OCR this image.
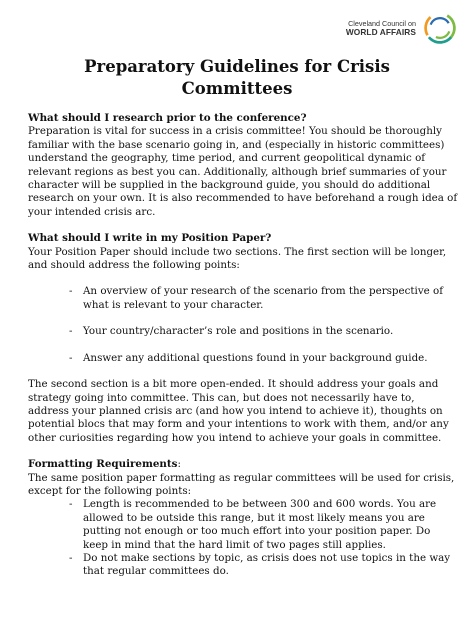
Cleveland Council on
WORLD AFFAIRS
Preparatory Guidelines for Crisis Committees

What should I research prior to the conference?

Preparation is vital for success in a crisis committee! You should be thoroughly familiar with the base scenario going in, and (especially in historic committees) understand the geography, time period, and current geopolitical dynamic of relevant regions as best you can. Additionally, although brief summaries of your character will be supplied in the background guide, you should do additional research on your own. It is also recommended to have beforehand a rough idea of your intended crisis arc.

What should I write in my Position Paper?

Your Position Paper should include two sections. The first section will be longer, and should address the following points:

- An overview of your research of the scenario from the perspective of what is relevant to your character.
- Your country/character’s role and positions in the scenario.
- Answer any additional questions found in your background guide.

The second section is a bit more open-ended. It should address your goals and strategy going into committee. This can, but does not necessarily have to, address your planned crisis arc (and how you intend to achieve it), thoughts on potential blocs that may form and your intentions to work with them, and/or any other curiosities regarding how you intend to achieve your goals in committee.

Formatting Requirements:

The same position paper formatting as regular committees will be used for crisis, except for the following points:

- Length is recommended to be between 300 and 600 words. You are allowed to be outside this range, but it most likely means you are putting not enough or too much effort into your position paper. Do keep in mind that the hard limit of two pages still applies.
- Do not make sections by topic, as crisis does not use topics in the way that regular committees do.
